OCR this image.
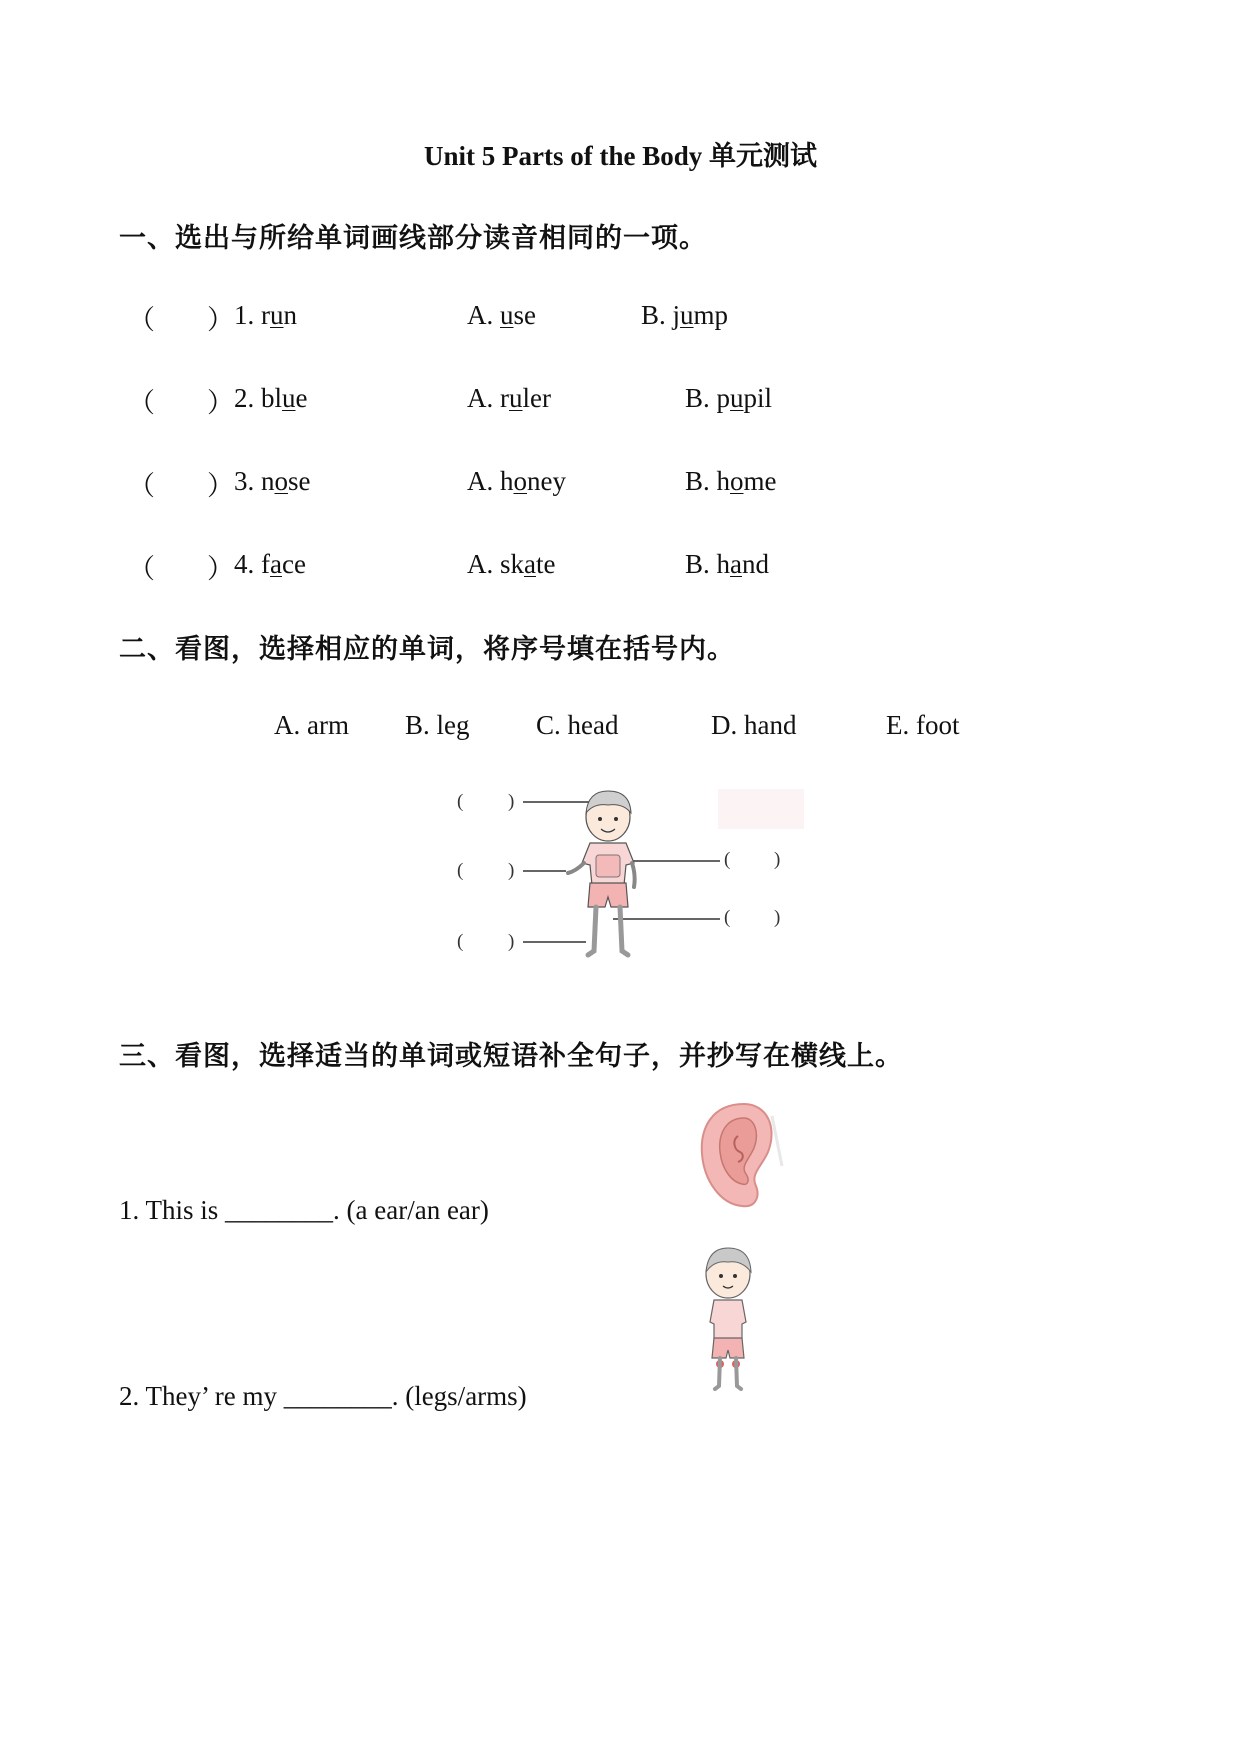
Unit 5 Parts of the Body 单元测试
一、选出与所给单词画线部分读音相同的一项。
（ ） 1. run	A. use	B. jump
（ ） 2. blue	A. ruler	B. pupil
（ ） 3. nose	A. honey	B. home
（ ） 4. face	A. skate	B. hand
二、看图，选择相应的单词，将序号填在括号内。
A. arm B. leg C. head	D. hand	E. foot
( )
( )
( )
( )
( )
三、看图，选择适当的单词或短语补全句子，并抄写在横线上。
1. This is ________. (a ear/an ear)
2. They’ re my ________. (legs/arms)
